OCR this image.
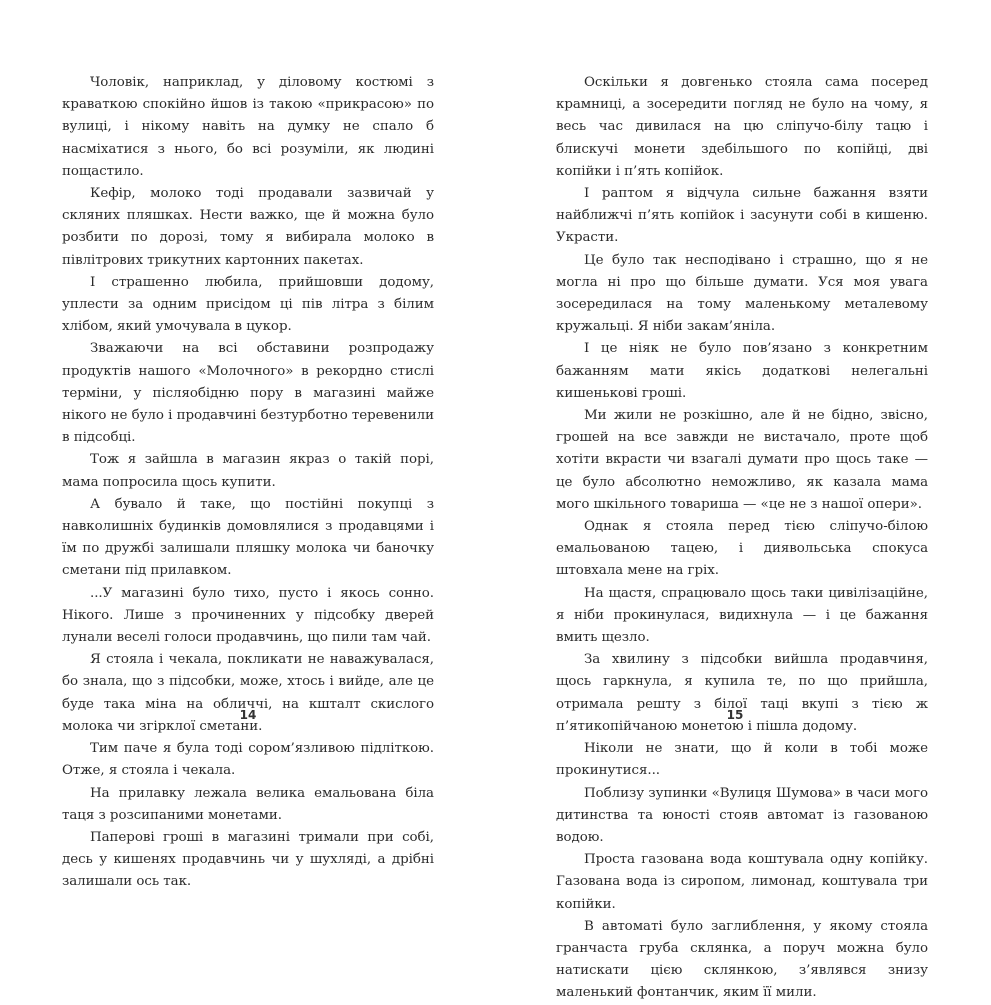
Чоловік, наприклад, у діловому костюмі з краваткою спокійно йшов із такою «прикрасою» по вулиці, і нікому навіть на думку не спало б насміхатися з нього, бо всі розуміли, як людині пощастило.

Кефір, молоко тоді продавали зазвичай у скляних пляшках. Нести важко, ще й можна було розбити по дорозі, тому я вибирала молоко в півлітрових трикутних картонних пакетах.

І страшенно любила, прийшовши додому, уплести за одним присідом ці пів літра з білим хлібом, який умочувала в цукор.

Зважаючи на всі обставини розпродажу продуктів нашого «Молочного» в рекордно стислі терміни, у післяобідню пору в магазині майже нікого не було і продавчині безтурботно теревенили в підсобці.

Тож я зайшла в магазин якраз о такій порі, мама попросила щось купити.

А бувало й таке, що постійні покупці з навколишніх будинків домовлялися з продавцями і їм по дружбі залишали пляшку молока чи баночку сметани під прилавком.

...У магазині було тихо, пусто і якось сонно. Нікого. Лише з прочиненних у підсобку дверей лунали веселі голоси продавчинь, що пили там чай.

Я стояла і чекала, покликати не наважувалася, бо знала, що з підсобки, може, хтось і вийде, але це буде така міна на обличчі, на кшталт скислого молока чи згірклої сметани.

Тим паче я була тоді сором’язливою підліткою. Отже, я стояла і чекала.

На прилавку лежала велика емальована біла таця з розсипаними монетами.

Паперові гроші в магазині тримали при собі, десь у кишенях продавчинь чи у шухляді, а дрібні залишали ось так.

Оскільки я довгенько стояла сама посеред крамниці, а зосередити погляд не було на чому, я весь час дивилася на цю сліпучо-білу тацю і блискучі монети здебільшого по копійці, дві копійки і п’ять копійок.

І раптом я відчула сильне бажання взяти найближчі п’ять копійок і засунути собі в кишеню. Украсти.

Це було так несподівано і страшно, що я не могла ні про що більше думати. Уся моя увага зосередилася на тому маленькому металевому кружальці. Я ніби закам’яніла.

І це ніяк не було пов’язано з конкретним бажанням мати якісь додаткові нелегальні кишенькові гроші.

Ми жили не розкішно, але й не бідно, звісно, грошей на все завжди не вистачало, проте щоб хотіти вкрасти чи взагалі думати про щось таке — це було абсолютно неможливо, як казала мама мого шкільного товариша — «це не з нашої опери».

Однак я стояла перед тією сліпучо-білою емальованою тацею, і диявольська спокуса штовхала мене на гріх.

На щастя, спрацювало щось таки цивілізаційне, я ніби прокинулася, видихнула — і це бажання вмить щезло.

За хвилину з підсобки вийшла продавчиня, щось гаркнула, я купила те, по що прийшла, отримала решту з білої таці вкупі з тією ж п’ятикопійчаною монетою і пішла додому.

Ніколи не знати, що й коли в тобі може прокинутися...

Поблизу зупинки «Вулиця Шумова» в часи мого дитинства та юності стояв автомат із газованою водою.

Проста газована вода коштувала одну копійку. Газована вода із сиропом, лимонад, коштувала три копійки.

В автоматі було заглиблення, у якому стояла гранчаста груба склянка, а поруч можна було натискати цією склянкою, з’являвся знизу маленький фонтанчик, яким її мили.

14	15
